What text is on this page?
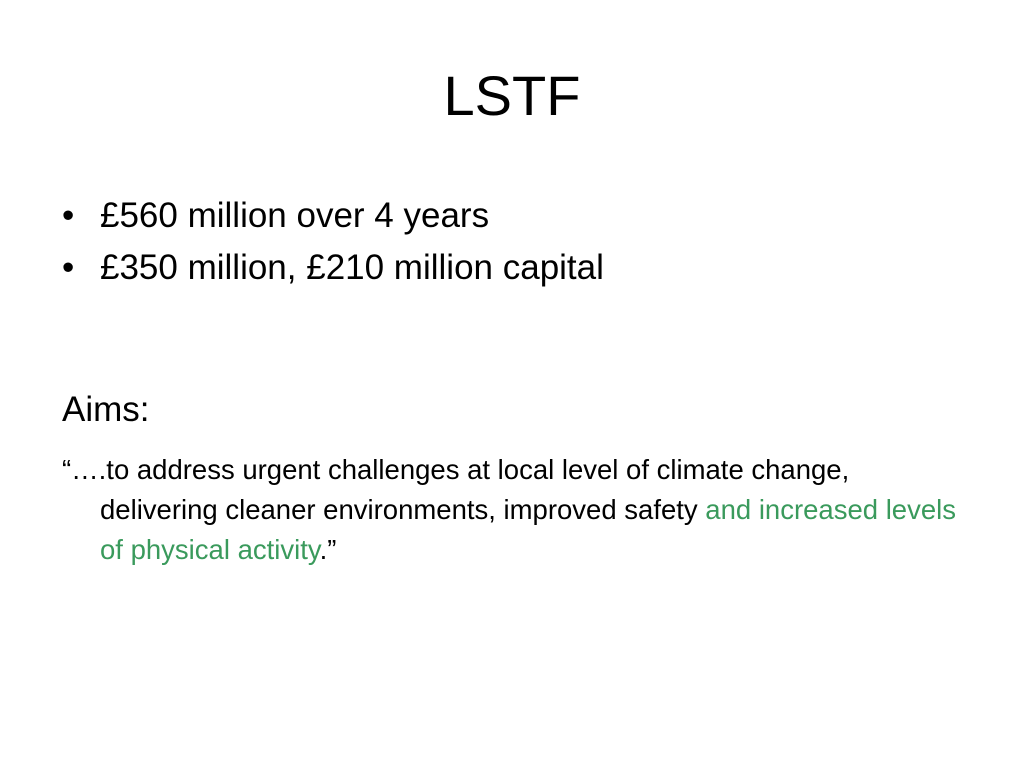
LSTF
• £560 million over 4 years
• £350 million, £210 million capital
Aims:

“….to address urgent challenges at local level of climate change, delivering cleaner environments, improved safety and increased levels of physical activity.”
